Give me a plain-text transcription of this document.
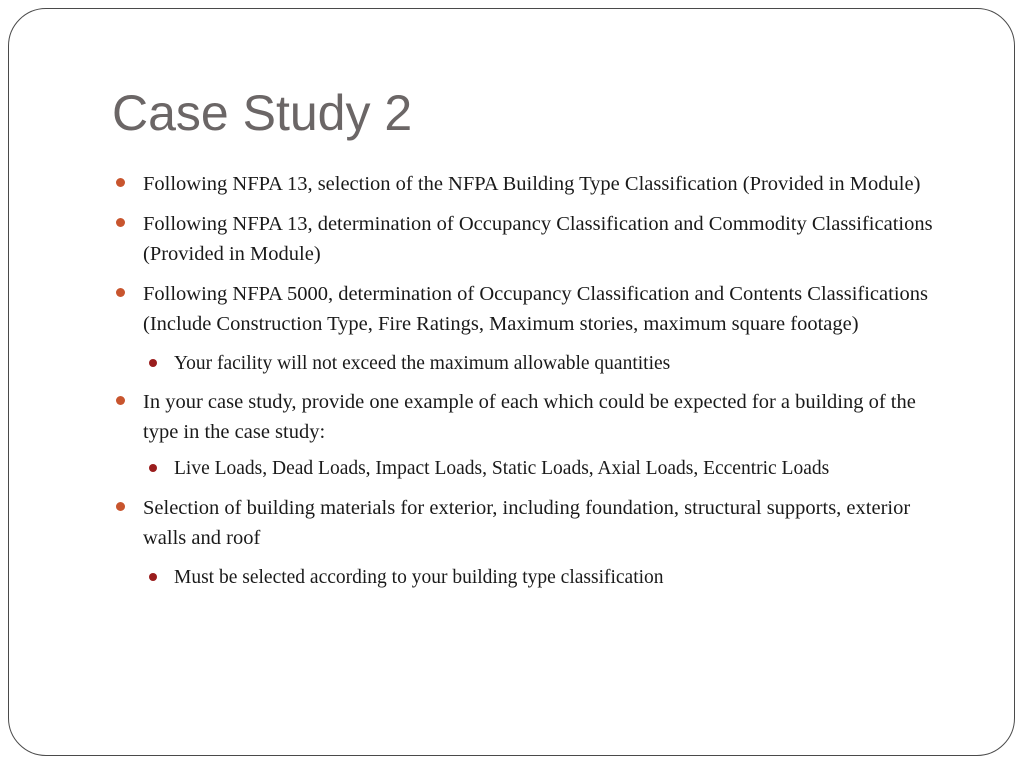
Case Study 2
Following NFPA 13, selection of the NFPA Building Type Classification (Provided in Module)
Following NFPA 13, determination of Occupancy Classification and Commodity Classifications (Provided in Module)
Following NFPA 5000, determination of Occupancy Classification and Contents Classifications (Include Construction Type, Fire Ratings, Maximum stories, maximum square footage)
Your facility will not exceed the maximum allowable quantities
In your case study, provide one example of each which could be expected for a building of the type in the case study:
Live Loads, Dead Loads, Impact Loads, Static Loads, Axial Loads, Eccentric Loads
Selection of building materials for exterior, including foundation, structural supports, exterior walls and roof
Must be selected according to your building type classification
